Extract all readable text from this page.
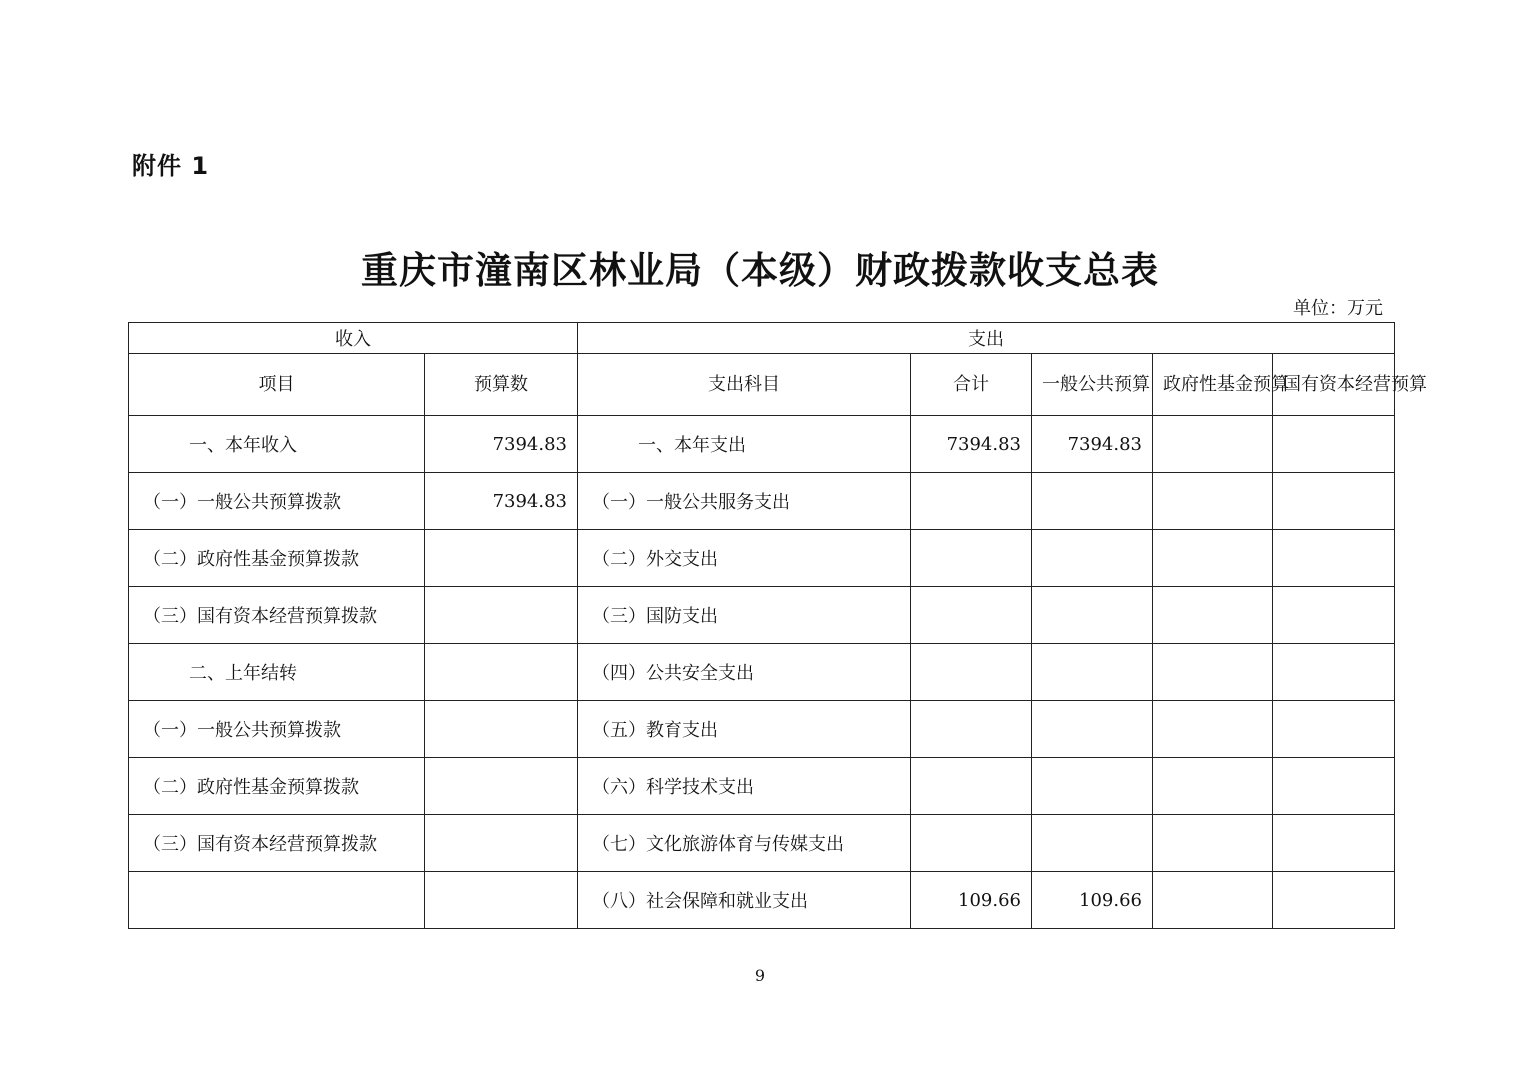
附件 1
重庆市潼南区林业局（本级）财政拨款收支总表
单位：万元
收入		支出				
项目	预算数	支出科目	合计	一般公共预算	政府性基金预算	国有资本经营预算
一、本年收入	7394.83	一、本年支出	7394.83	7394.83		
（一）一般公共预算拨款	7394.83	（一）一般公共服务支出				
（二）政府性基金预算拨款		（二）外交支出				
（三）国有资本经营预算拨款		（三）国防支出				
二、上年结转		（四）公共安全支出				
（一）一般公共预算拨款		（五）教育支出				
（二）政府性基金预算拨款		（六）科学技术支出				
（三）国有资本经营预算拨款		（七）文化旅游体育与传媒支出				
		（八）社会保障和就业支出	109.66	109.66		
9
